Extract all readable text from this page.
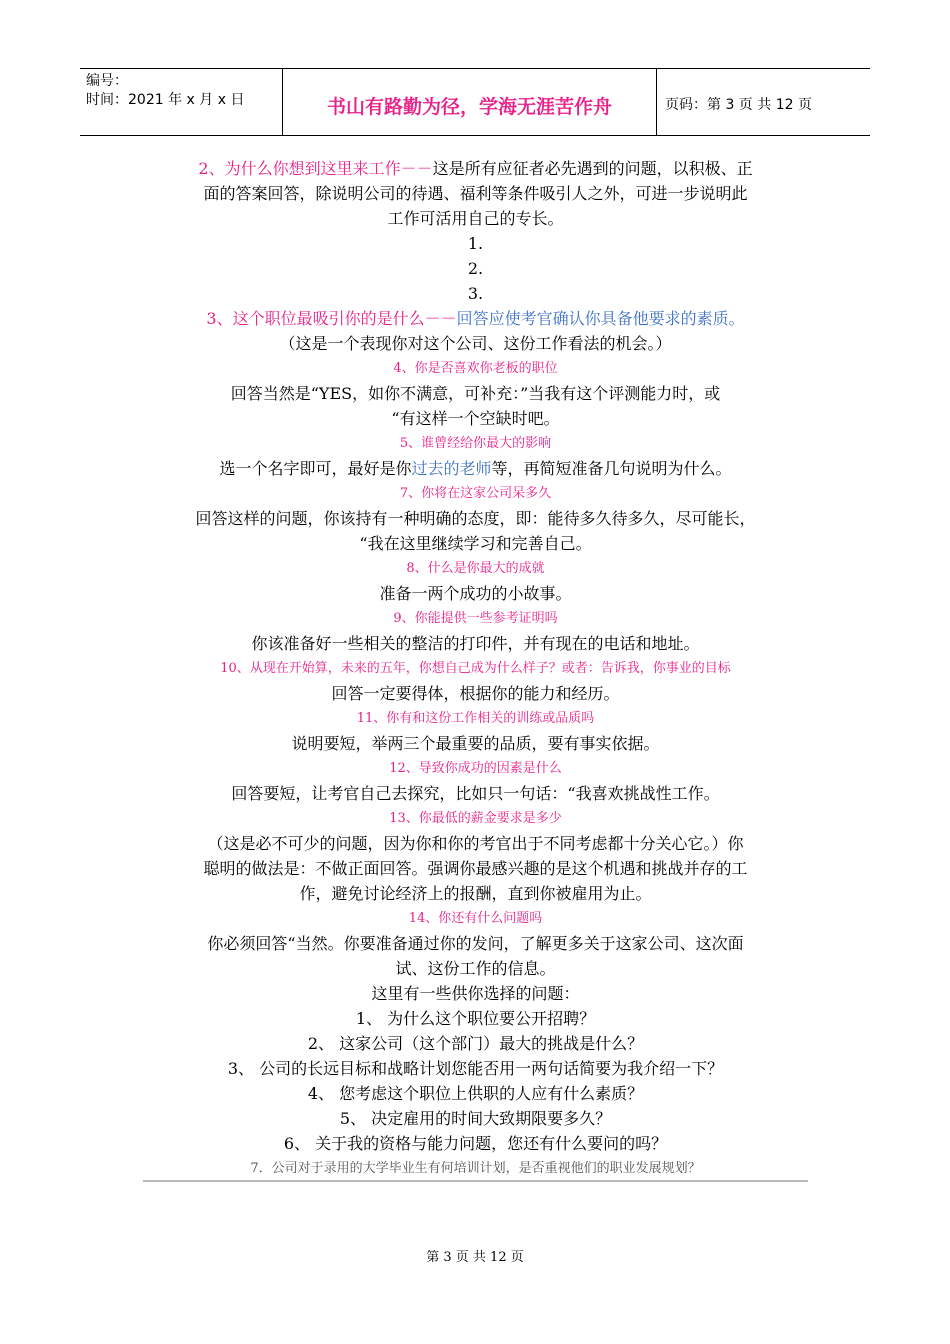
编号：
时间：2021 年 x 月 x 日	书山有路勤为径，学海无涯苦作舟	页码：第 3 页 共 12 页

2、为什么你想到这里来工作－－这是所有应征者必先遇到的问题，以积极、正

面的答案回答，除说明公司的待遇、福利等条件吸引人之外，可进一步说明此

工作可活用自己的专长。

1.

2.

3.

3、这个职位最吸引你的是什么－－回答应使考官确认你具备他要求的素质。

（这是一个表现你对这个公司、这份工作看法的机会。）

4、你是否喜欢你老板的职位

回答当然是“YES，如你不满意，可补充：”当我有这个评测能力时，或

“有这样一个空缺时吧。

5、谁曾经给你最大的影响

选一个名字即可，最好是你过去的老师等，再简短准备几句说明为什么。

7、你将在这家公司呆多久

回答这样的问题，你该持有一种明确的态度，即：能待多久待多久，尽可能长，

“我在这里继续学习和完善自己。

8、什么是你最大的成就

准备一两个成功的小故事。

9、你能提供一些参考证明吗

你该准备好一些相关的整洁的打印件，并有现在的电话和地址。

10、从现在开始算，未来的五年，你想自己成为什么样子？或者：告诉我，你事业的目标

回答一定要得体，根据你的能力和经历。

11、你有和这份工作相关的训练或品质吗

说明要短，举两三个最重要的品质，要有事实依据。

12、导致你成功的因素是什么

回答要短，让考官自己去探究，比如只一句话：“我喜欢挑战性工作。

13、你最低的薪金要求是多少

（这是必不可少的问题，因为你和你的考官出于不同考虑都十分关心它。）你

聪明的做法是：不做正面回答。强调你最感兴趣的是这个机遇和挑战并存的工

作，避免讨论经济上的报酬，直到你被雇用为止。

14、你还有什么问题吗

你必须回答“当然。你要准备通过你的发问，了解更多关于这家公司、这次面

试、这份工作的信息。

这里有一些供你选择的问题：

1、 为什么这个职位要公开招聘？

2、 这家公司（这个部门）最大的挑战是什么？

3、 公司的长远目标和战略计划您能否用一两句话简要为我介绍一下？

4、 您考虑这个职位上供职的人应有什么素质？

5、 决定雇用的时间大致期限要多久？

6、 关于我的资格与能力问题，您还有什么要问的吗？

7．公司对于录用的大学毕业生有何培训计划，是否重视他们的职业发展规划？

第 3 页 共 12 页
